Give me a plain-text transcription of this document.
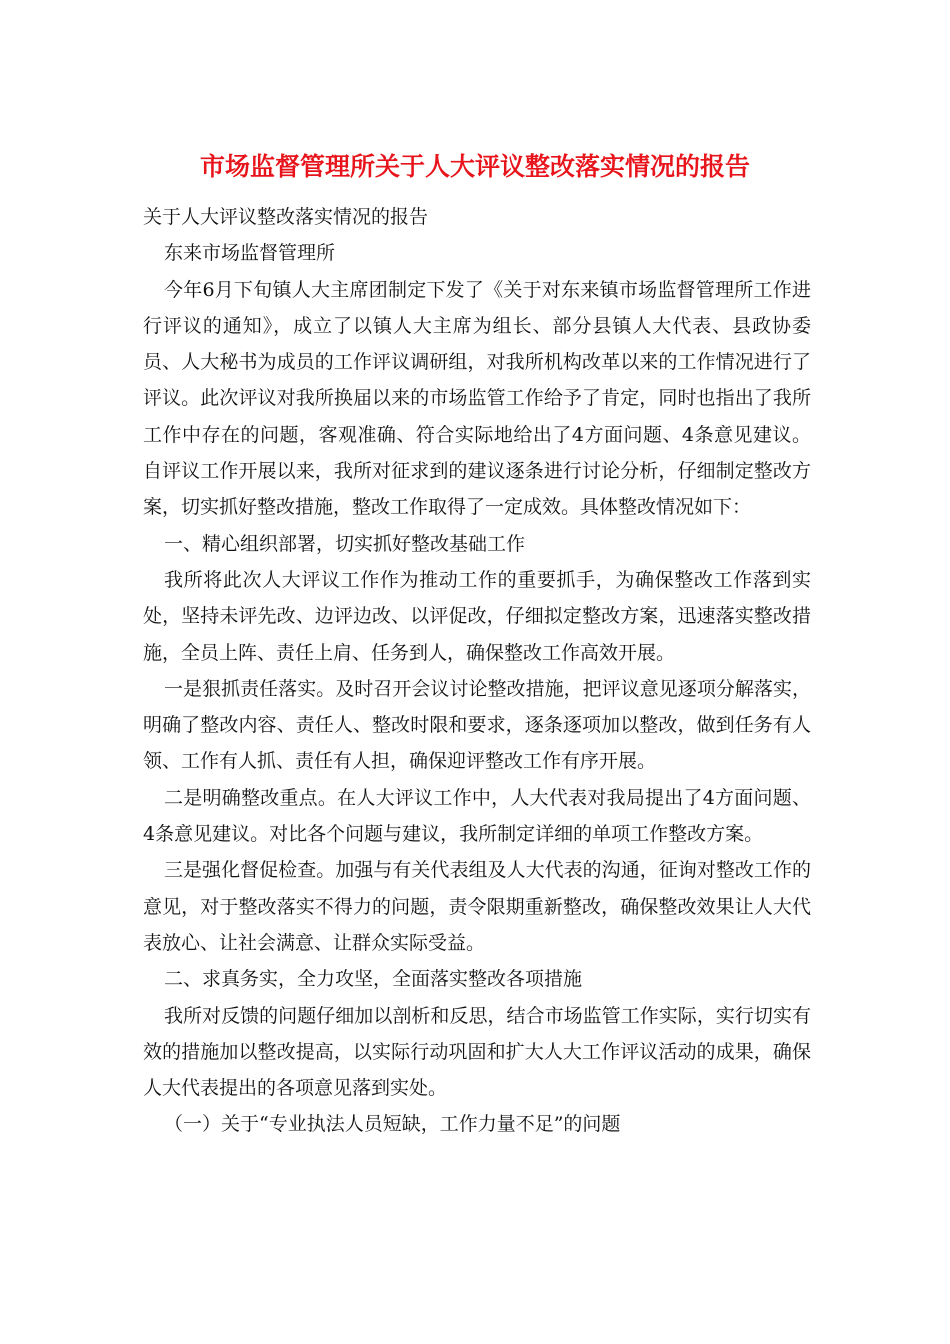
市场监督管理所关于人大评议整改落实情况的报告

关于人大评议整改落实情况的报告

东来市场监督管理所

今年6月下旬镇人大主席团制定下发了《关于对东来镇市场监督管理所工作进行评议的通知》，成立了以镇人大主席为组长、部分县镇人大代表、县政协委员、人大秘书为成员的工作评议调研组，对我所机构改革以来的工作情况进行了评议。此次评议对我所换届以来的市场监管工作给予了肯定，同时也指出了我所工作中存在的问题，客观准确、符合实际地给出了4方面问题、4条意见建议。自评议工作开展以来，我所对征求到的建议逐条进行讨论分析，仔细制定整改方案，切实抓好整改措施，整改工作取得了一定成效。具体整改情况如下：

一、精心组织部署，切实抓好整改基础工作

我所将此次人大评议工作作为推动工作的重要抓手，为确保整改工作落到实处，坚持未评先改、边评边改、以评促改，仔细拟定整改方案，迅速落实整改措施，全员上阵、责任上肩、任务到人，确保整改工作高效开展。

一是狠抓责任落实。及时召开会议讨论整改措施，把评议意见逐项分解落实，明确了整改内容、责任人、整改时限和要求，逐条逐项加以整改，做到任务有人领、工作有人抓、责任有人担，确保迎评整改工作有序开展。

二是明确整改重点。在人大评议工作中，人大代表对我局提出了4方面问题、4条意见建议。对比各个问题与建议，我所制定详细的单项工作整改方案。

三是强化督促检查。加强与有关代表组及人大代表的沟通，征询对整改工作的意见，对于整改落实不得力的问题，责令限期重新整改，确保整改效果让人大代表放心、让社会满意、让群众实际受益。

二、求真务实，全力攻坚，全面落实整改各项措施

我所对反馈的问题仔细加以剖析和反思，结合市场监管工作实际，实行切实有效的措施加以整改提高，以实际行动巩固和扩大人大工作评议活动的成果，确保人大代表提出的各项意见落到实处。

（一）关于“专业执法人员短缺，工作力量不足”的问题
